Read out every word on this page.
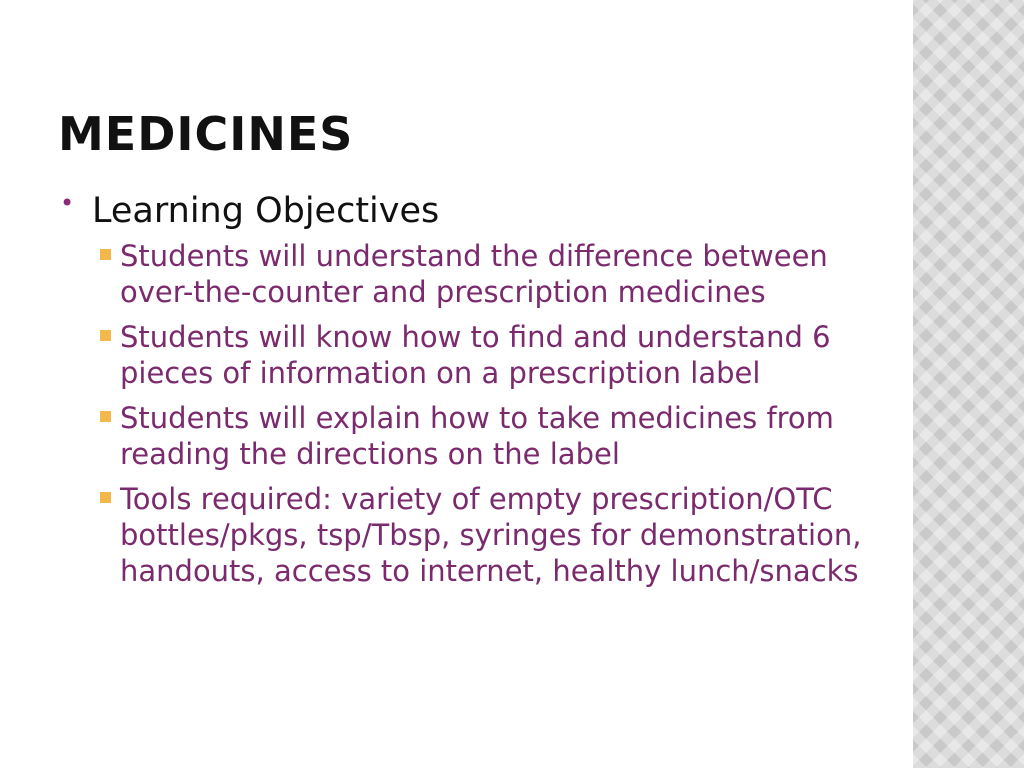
MEDICINES
• Learning Objectives
Students will understand the difference between over-the-counter and prescription medicines
Students will know how to find and understand 6 pieces of information on a prescription label
Students will explain how to take medicines from reading the directions on the label
Tools required: variety of empty prescription/OTC bottles/pkgs, tsp/Tbsp, syringes for demonstration, handouts, access to internet, healthy lunch/snacks
